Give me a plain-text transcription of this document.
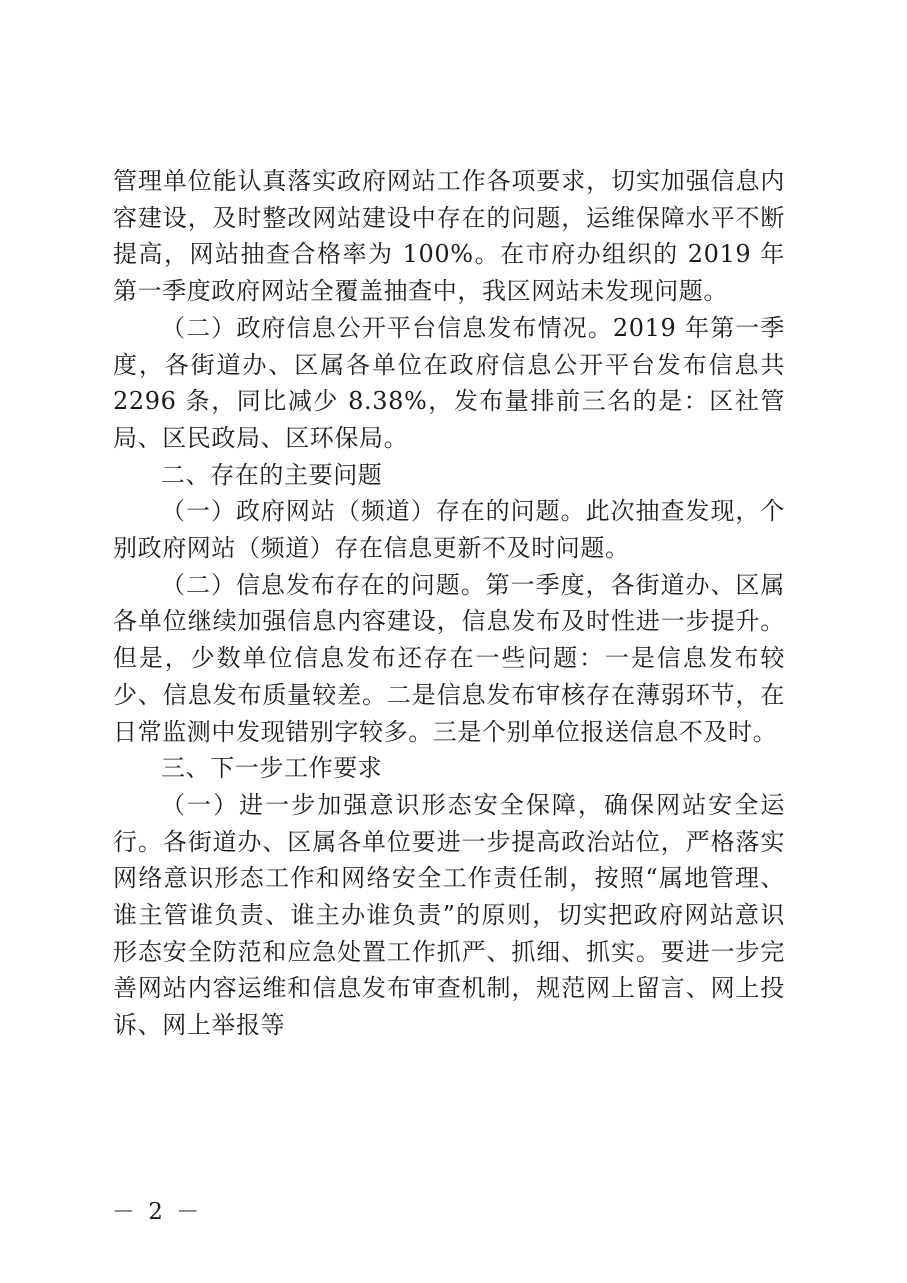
管理单位能认真落实政府网站工作各项要求，切实加强信息内容建设，及时整改网站建设中存在的问题，运维保障水平不断提高，网站抽查合格率为 100%。在市府办组织的 2019 年第一季度政府网站全覆盖抽查中，我区网站未发现问题。

（二）政府信息公开平台信息发布情况。2019 年第一季度，各街道办、区属各单位在政府信息公开平台发布信息共 2296 条，同比减少 8.38%，发布量排前三名的是：区社管局、区民政局、区环保局。

二、存在的主要问题

（一）政府网站（频道）存在的问题。此次抽查发现，个别政府网站（频道）存在信息更新不及时问题。

（二）信息发布存在的问题。第一季度，各街道办、区属各单位继续加强信息内容建设，信息发布及时性进一步提升。但是，少数单位信息发布还存在一些问题：一是信息发布较少、信息发布质量较差。二是信息发布审核存在薄弱环节，在日常监测中发现错别字较多。三是个别单位报送信息不及时。

三、下一步工作要求

（一）进一步加强意识形态安全保障，确保网站安全运行。各街道办、区属各单位要进一步提高政治站位，严格落实网络意识形态工作和网络安全工作责任制，按照“属地管理、谁主管谁负责、谁主办谁负责”的原则，切实把政府网站意识形态安全防范和应急处置工作抓严、抓细、抓实。要进一步完善网站内容运维和信息发布审查机制，规范网上留言、网上投诉、网上举报等

－ 2 －
